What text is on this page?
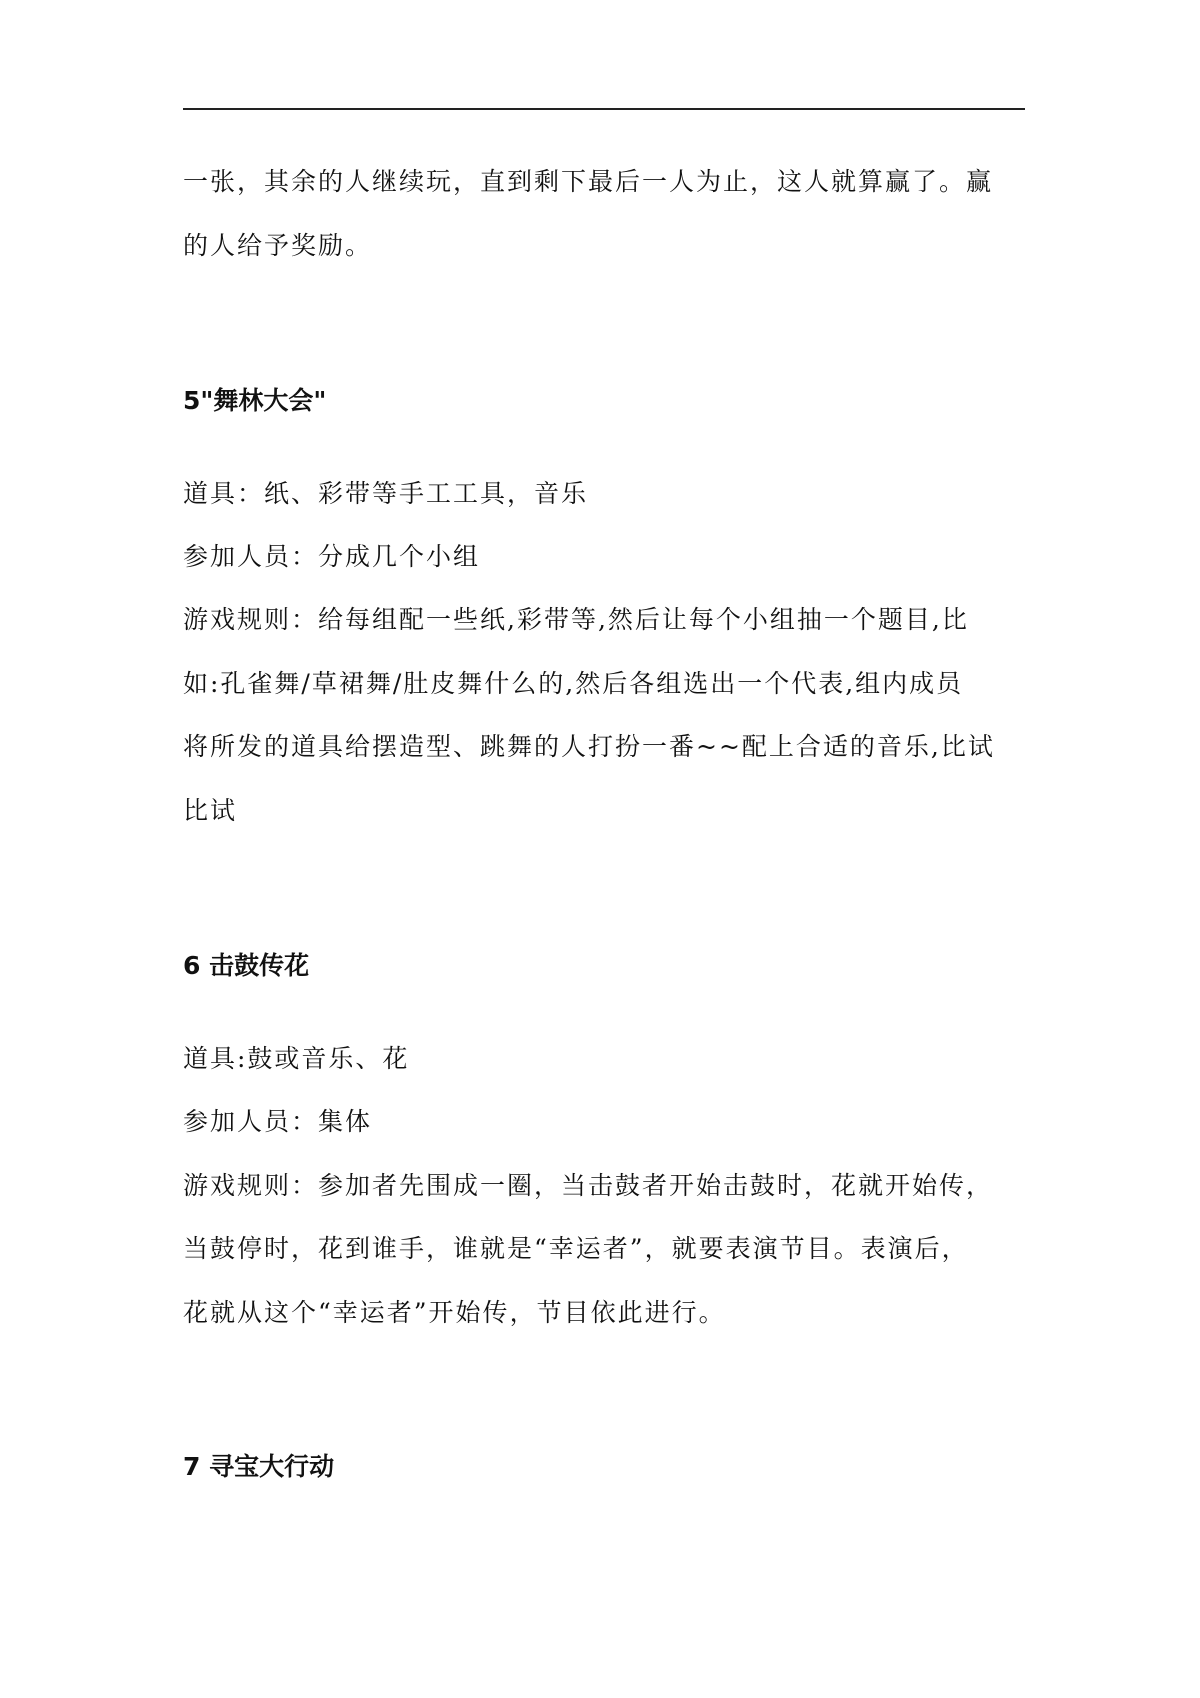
一张，其余的人继续玩，直到剩下最后一人为止，这人就算赢了。赢
的人给予奖励。
5"舞林大会"
道具：纸、彩带等手工工具，音乐
参加人员：分成几个小组
游戏规则：给每组配一些纸,彩带等,然后让每个小组抽一个题目,比
如:孔雀舞/草裙舞/肚皮舞什么的,然后各组选出一个代表,组内成员
将所发的道具给摆造型、跳舞的人打扮一番~~配上合适的音乐,比试
比试
6 击鼓传花
道具:鼓或音乐、花
参加人员：集体
游戏规则：参加者先围成一圈，当击鼓者开始击鼓时，花就开始传，
当鼓停时，花到谁手，谁就是“幸运者”，就要表演节目。表演后，
花就从这个“幸运者”开始传，节目依此进行。
7 寻宝大行动
